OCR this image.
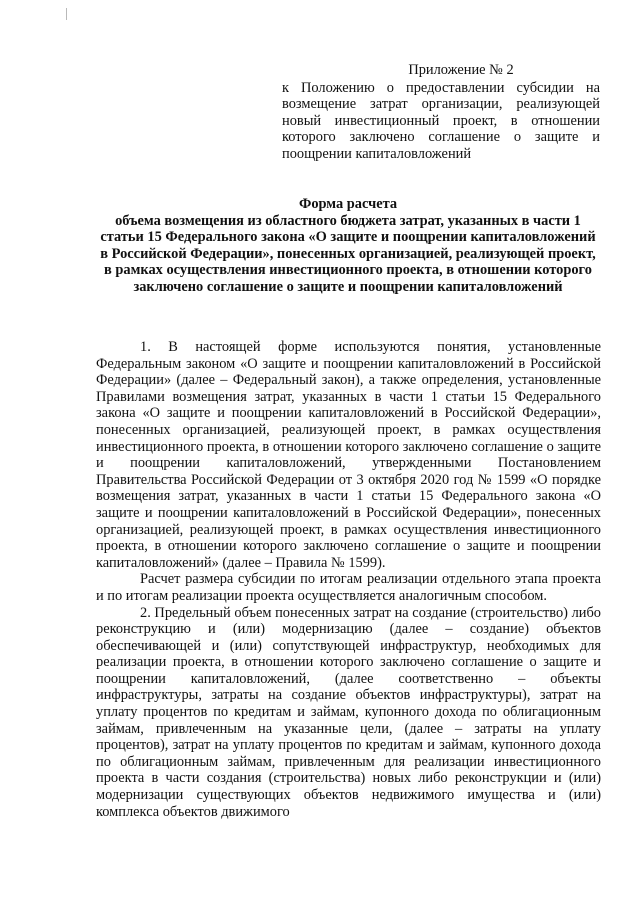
Приложение № 2
к Положению о предоставлении субсидии на возмещение затрат организации, реализующей новый инвестиционный проект, в отношении которого заключено соглашение о защите и поощрении капиталовложений
Форма расчета
объема возмещения из областного бюджета затрат, указанных в части 1 статьи 15 Федерального закона «О защите и поощрении капиталовложений в Российской Федерации», понесенных организацией, реализующей проект, в рамках осуществления инвестиционного проекта, в отношении которого заключено соглашение о защите и поощрении капиталовложений

1. В настоящей форме используются понятия, установленные Федеральным законом «О защите и поощрении капиталовложений в Российской Федерации» (далее – Федеральный закон), а также определения, установленные Правилами возмещения затрат, указанных в части 1 статьи 15 Федерального закона «О защите и поощрении капиталовложений в Российской Федерации», понесенных организацией, реализующей проект, в рамках осуществления инвестиционного проекта, в отношении которого заключено соглашение о защите и поощрении капиталовложений, утвержденными Постановлением Правительства Российской Федерации от 3 октября 2020 год № 1599 «О порядке возмещения затрат, указанных в части 1 статьи 15 Федерального закона «О защите и поощрении капиталовложений в Российской Федерации», понесенных организацией, реализующей проект, в рамках осуществления инвестиционного проекта, в отношении которого заключено соглашение о защите и поощрении капиталовложений» (далее – Правила № 1599).

Расчет размера субсидии по итогам реализации отдельного этапа проекта и по итогам реализации проекта осуществляется аналогичным способом.

2. Предельный объем понесенных затрат на создание (строительство) либо реконструкцию и (или) модернизацию (далее – создание) объектов обеспечивающей и (или) сопутствующей инфраструктур, необходимых для реализации проекта, в отношении которого заключено соглашение о защите и поощрении капиталовложений, (далее соответственно – объекты инфраструктуры, затраты на создание объектов инфраструктуры), затрат на уплату процентов по кредитам и займам, купонного дохода по облигационным займам, привлеченным на указанные цели, (далее – затраты на уплату процентов), затрат на уплату процентов по кредитам и займам, купонного дохода по облигационным займам, привлеченным для реализации инвестиционного проекта в части создания (строительства) новых либо реконструкции и (или) модернизации существующих объектов недвижимого имущества и (или) комплекса объектов движимого
